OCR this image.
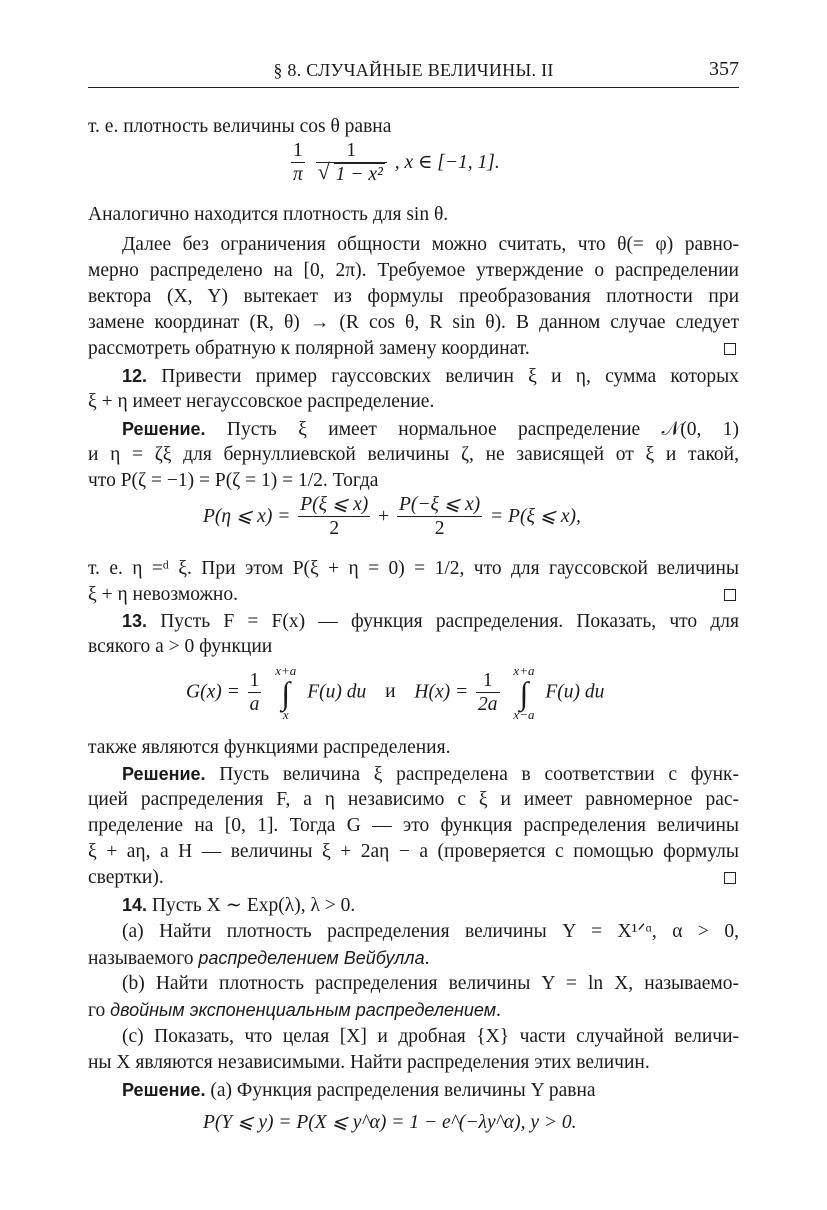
§ 8. СЛУЧАЙНЫЕ ВЕЛИЧИНЫ. II	357
т. е. плотность величины cos θ равна
$\frac{1}{\pi}$
$\frac{1}{\text{√ 1 − x²}}$ , x ∈ [−1, 1].
Аналогично находится плотность для sin θ.
Далее без ограничения общности можно считать, что θ(= φ) равно-
мерно распределено на [0, 2π). Требуемое утверждение о распределении
вектора (X, Y) вытекает из формулы преобразования плотности при
замене координат (R, θ) → (R cos θ, R sin θ). В данном случае следует
рассмотреть обратную к полярной замену координат.
12. Привести пример гауссовских величин ξ и η, сумма которых
ξ + η имеет негауссовское распределение.
Решение. Пусть ξ имеет нормальное распределение 𝒩(0, 1)
и η = ζξ для бернуллиевской величины ζ, не зависящей от ξ и такой,
что P(ζ = −1) = P(ζ = 1) = 1/2. Тогда
P(η ⩽ $x) = \frac{P(\xi ⩽ x)}{2} + \frac{P(-\xi ⩽ x)}{2} = P(\xi$ ⩽ x),
т. е. η =ᵈ ξ. При этом P(ξ + η = 0) = 1/2, что для гауссовской величины
ξ + η невозможно.
13. Пусть F = F(x) — функция распределения. Показать, что для
всякого a > 0 функции
$G(x) = \frac{1}{a}$
x+a
∫
x
F(u) du и $H(x) = \frac{1}{2a}$
x+a
∫
x−a
F(u) du
также являются функциями распределения.
Решение. Пусть величина ξ распределена в соответствии с функ-
цией распределения F, а η независимо с ξ и имеет равномерное рас-
пределение на [0, 1]. Тогда G — это функция распределения величины
ξ + aη, а H — величины ξ + 2aη − a (проверяется с помощью формулы
свертки).
14. Пусть X ∼ Exp(λ), λ > 0.
(a) Найти плотность распределения величины Y = X¹ᐟᵅ, α > 0,
называемого распределением Вейбулла.
(b) Найти плотность распределения величины Y = ln X, называемо-
го двойным экспоненциальным распределением.
(c) Показать, что целая [X] и дробная {X} части случайной величи-
ны X являются независимыми. Найти распределения этих величин.
Решение. (a) Функция распределения величины Y равна
P(Y ⩽ y) = P(X ⩽ y^α) = 1 − e^(−λy^α), y > 0.
